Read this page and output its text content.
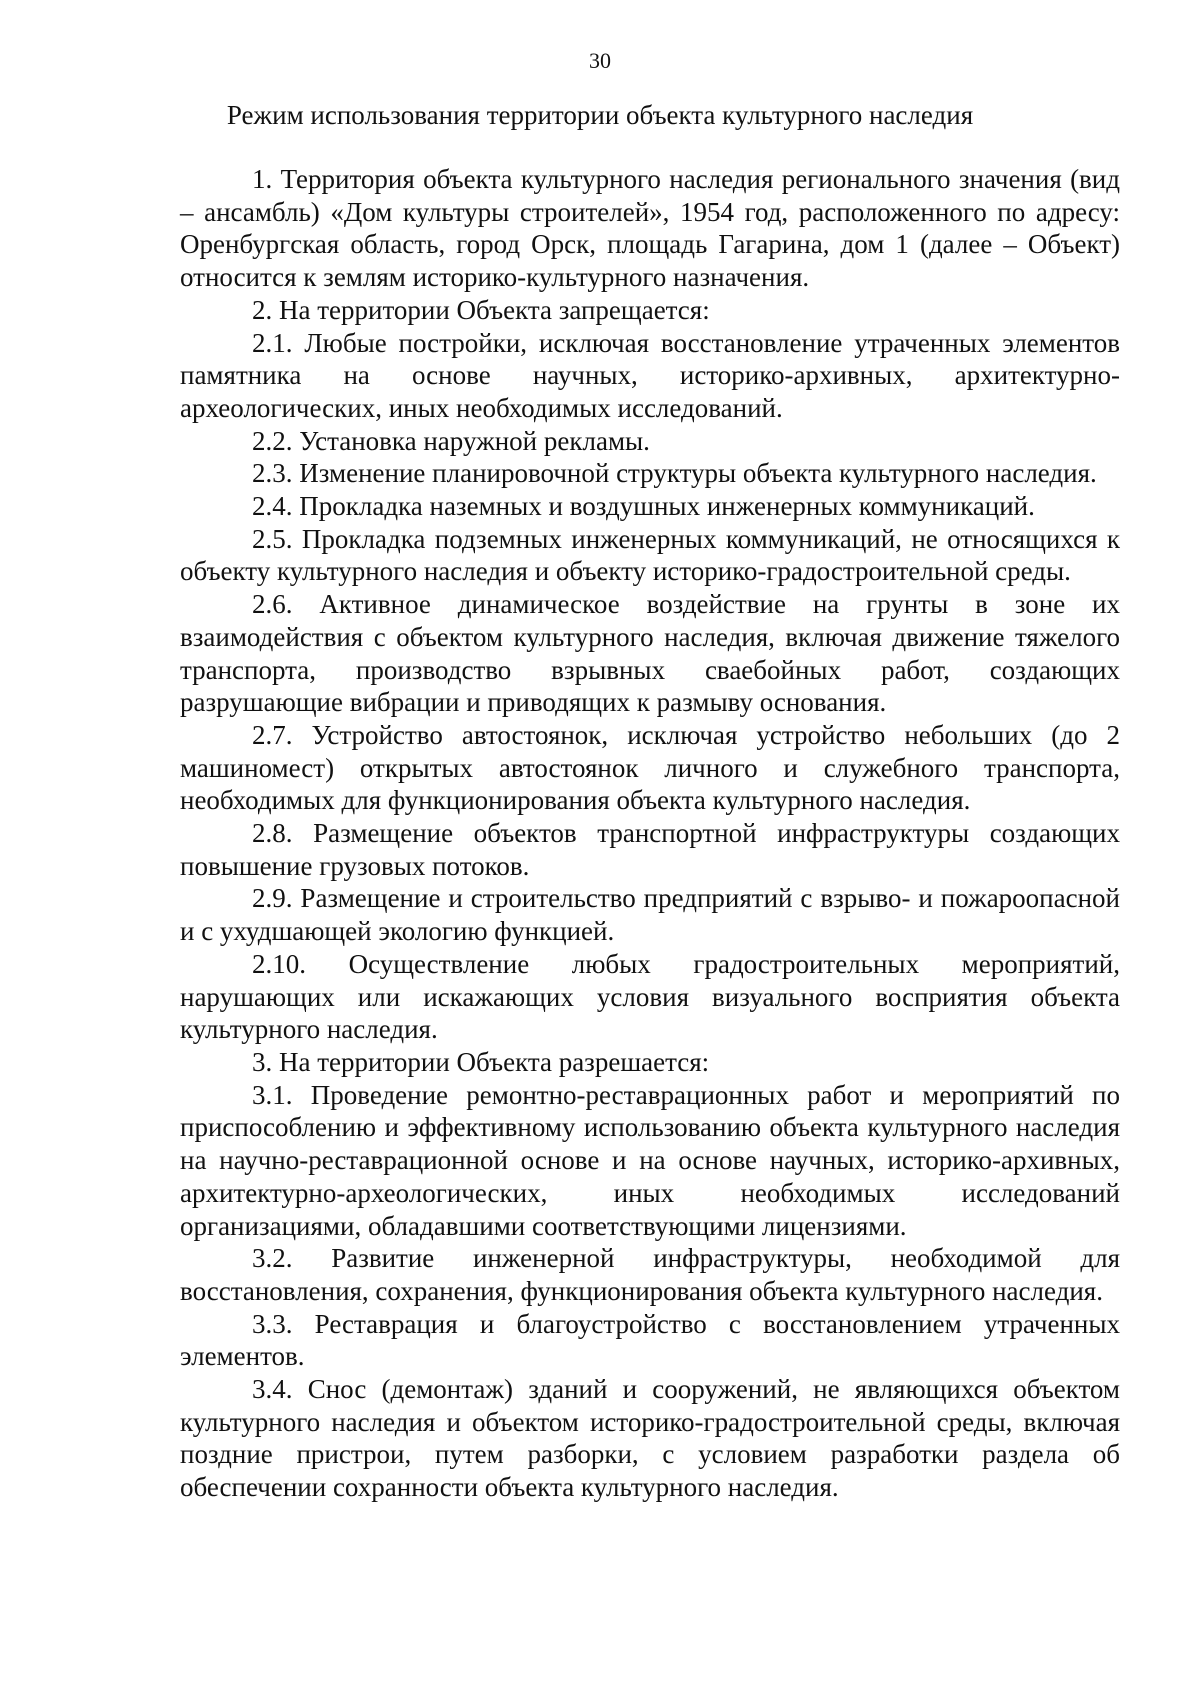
30
Режим использования территории объекта культурного наследия

1. Территория объекта культурного наследия регионального значения (вид – ансамбль) «Дом культуры строителей», 1954 год, расположенного по адресу: Оренбургская область, город Орск, площадь Гагарина, дом 1 (далее – Объект) относится к землям историко-культурного назначения.

2. На территории Объекта запрещается:

2.1. Любые постройки, исключая восстановление утраченных элементов памятника на основе научных, историко-архивных, архитектурно-археологических, иных необходимых исследований.

2.2. Установка наружной рекламы.

2.3. Изменение планировочной структуры объекта культурного наследия.

2.4. Прокладка наземных и воздушных инженерных коммуникаций.

2.5. Прокладка подземных инженерных коммуникаций, не относящихся к объекту культурного наследия и объекту историко-градостроительной среды.

2.6. Активное динамическое воздействие на грунты в зоне их взаимодействия с объектом культурного наследия, включая движение тяжелого транспорта, производство взрывных сваебойных работ, создающих разрушающие вибрации и приводящих к размыву основания.

2.7. Устройство автостоянок, исключая устройство небольших (до 2 машиномест) открытых автостоянок личного и служебного транспорта, необходимых для функционирования объекта культурного наследия.

2.8. Размещение объектов транспортной инфраструктуры создающих повышение грузовых потоков.

2.9. Размещение и строительство предприятий с взрыво- и пожароопасной и с ухудшающей экологию функцией.

2.10. Осуществление любых градостроительных мероприятий, нарушающих или искажающих условия визуального восприятия объекта культурного наследия.

3. На территории Объекта разрешается:

3.1. Проведение ремонтно-реставрационных работ и мероприятий по приспособлению и эффективному использованию объекта культурного наследия на научно-реставрационной основе и на основе научных, историко-архивных, архитектурно-археологических, иных необходимых исследований организациями, обладавшими соответствующими лицензиями.

3.2. Развитие инженерной инфраструктуры, необходимой для восстановления, сохранения, функционирования объекта культурного наследия.

3.3. Реставрация и благоустройство с восстановлением утраченных элементов.

3.4. Снос (демонтаж) зданий и сооружений, не являющихся объектом культурного наследия и объектом историко-градостроительной среды, включая поздние пристрои, путем разборки, с условием разработки раздела об обеспечении сохранности объекта культурного наследия.
